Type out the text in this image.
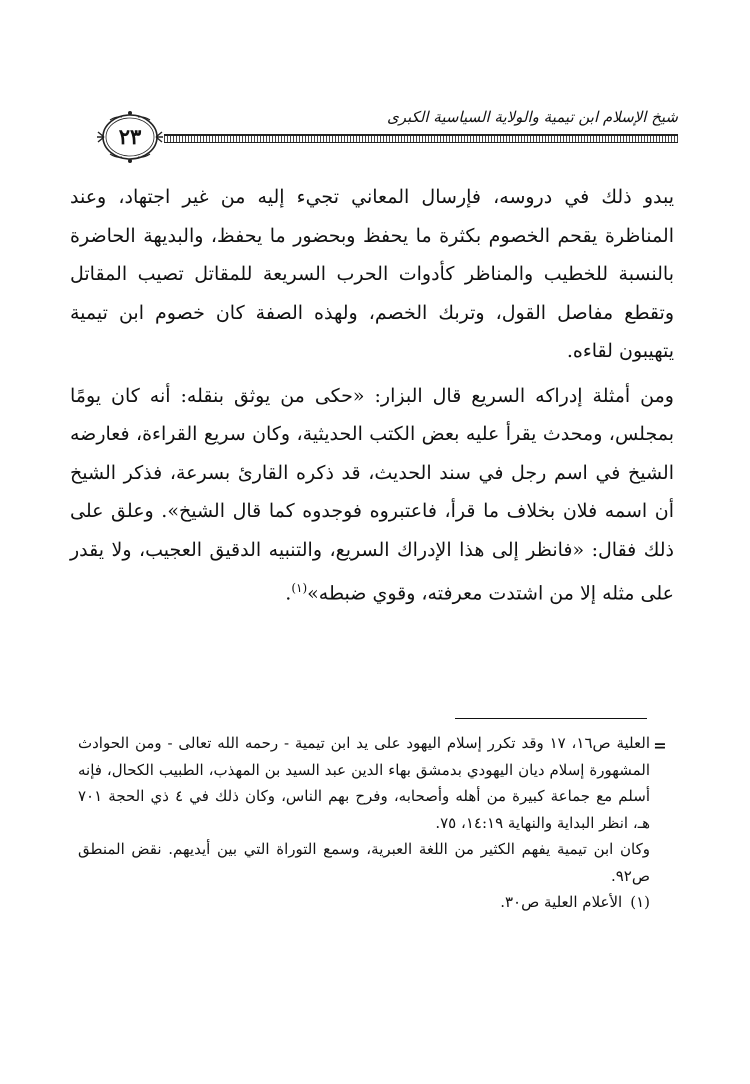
شيخ الإسلام ابن تيمية والولاية السياسية الكبرى
٢٣

يبدو ذلك في دروسه، فإرسال المعاني تجيء إليه من غير اجتهاد، وعند المناظرة يقحم الخصوم بكثرة ما يحفظ وبحضور ما يحفظ، والبديهة الحاضرة بالنسبة للخطيب والمناظر كأدوات الحرب السريعة للمقاتل تصيب المقاتل وتقطع مفاصل القول، وتربك الخصم، ولهذه الصفة كان خصوم ابن تيمية يتهيبون لقاءه.

ومن أمثلة إدراكه السريع قال البزار: «حكى من يوثق بنقله: أنه كان يومًا بمجلس، ومحدث يقرأ عليه بعض الكتب الحديثية، وكان سريع القراءة، فعارضه الشيخ في اسم رجل في سند الحديث، قد ذكره القارئ بسرعة، فذكر الشيخ أن اسمه فلان بخلاف ما قرأ، فاعتبروه فوجدوه كما قال الشيخ». وعلق على ذلك فقال: «فانظر إلى هذا الإدراك السريع، والتنبيه الدقيق العجيب، ولا يقدر على مثله إلا من اشتدت معرفته، وقوي ضبطه»$^{(١)}$.

=

العلية ص١٦، ١٧ وقد تكرر إسلام اليهود على يد ابن تيمية - رحمه الله تعالى - ومن الحوادث المشهورة إسلام ديان اليهودي بدمشق بهاء الدين عبد السيد بن المهذب، الطبيب الكحال، فإنه أسلم مع جماعة كبيرة من أهله وأصحابه، وفرح بهم الناس، وكان ذلك في ٤ ذي الحجة ٧٠١ هـ، انظر البداية والنهاية ١٤:١٩، ٧٥.

وكان ابن تيمية يفهم الكثير من اللغة العبرية، وسمع التوراة التي بين أيديهم. نقض المنطق ص٩٢.

(١)الأعلام العلية ص٣٠.
